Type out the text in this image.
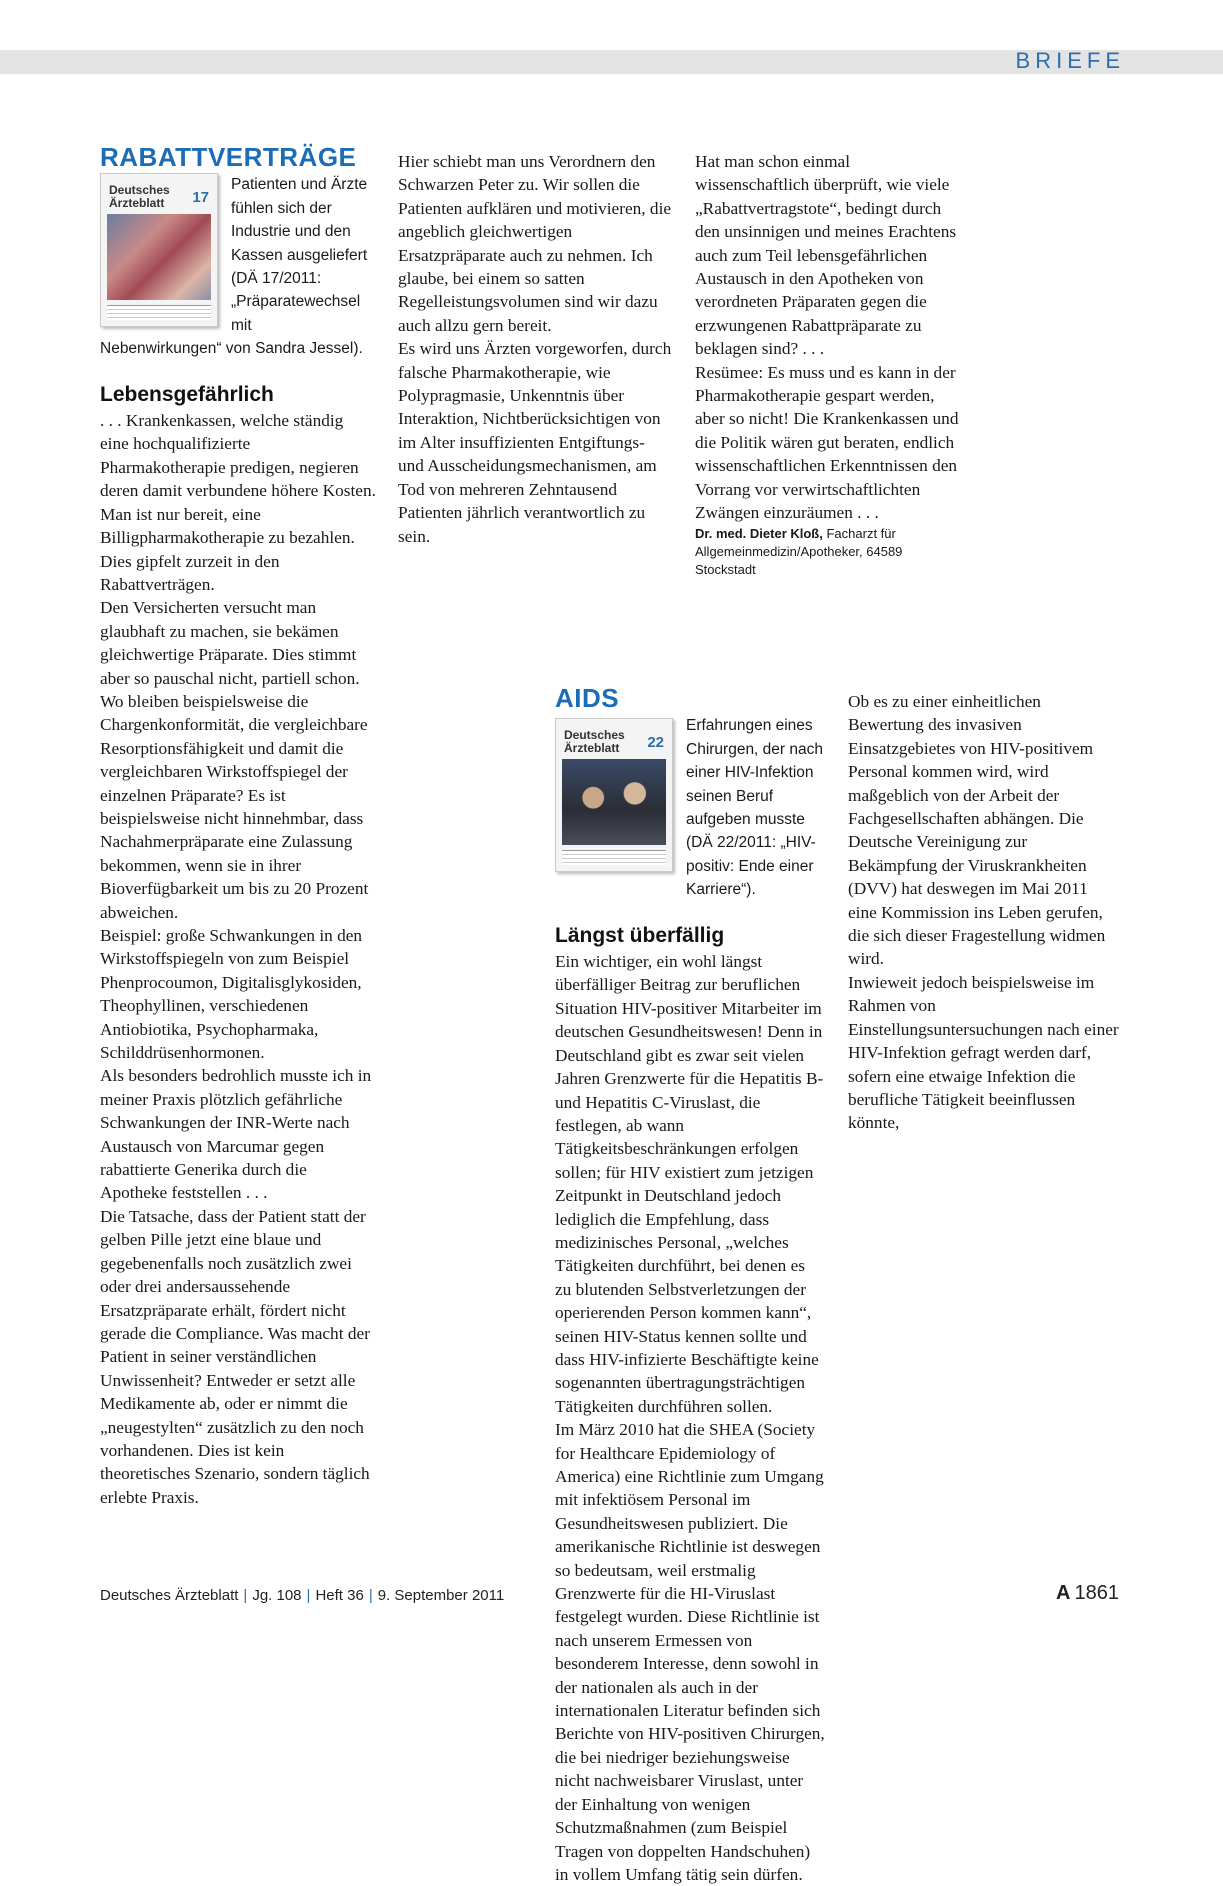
BRIEFE
RABATTVERTRÄGE
Deutsches
Ärzteblatt	17

Patienten und Ärzte fühlen sich der Industrie und den Kassen ausgeliefert (DÄ 17/2011: „Präparatewechsel mit Nebenwirkungen“ von Sandra Jessel).

Lebensgefährlich

. . . Krankenkassen, welche ständig eine hochqualifizierte Pharmakotherapie predigen, negieren deren damit verbundene höhere Kosten. Man ist nur bereit, eine Billigpharmakotherapie zu bezahlen. Dies gipfelt zurzeit in den Rabattverträgen.

Den Versicherten versucht man glaubhaft zu machen, sie bekämen gleichwertige Präparate. Dies stimmt aber so pauschal nicht, partiell schon.

Wo bleiben beispielsweise die Chargenkonformität, die vergleichbare Resorptionsfähigkeit und damit die vergleichbaren Wirkstoffspiegel der einzelnen Präparate? Es ist beispielsweise nicht hinnehmbar, dass Nachahmerpräparate eine Zulassung bekommen, wenn sie in ihrer Bioverfügbarkeit um bis zu 20 Prozent abweichen.

Beispiel: große Schwankungen in den Wirkstoffspiegeln von zum Beispiel Phenprocoumon, Digitalisglykosiden, Theophyllinen, verschiedenen Antiobiotika, Psychopharmaka, Schilddrüsenhormonen.

Als besonders bedrohlich musste ich in meiner Praxis plötzlich gefährliche Schwankungen der INR-Werte nach Austausch von Marcumar gegen rabattierte Generika durch die Apotheke feststellen . . .

Die Tatsache, dass der Patient statt der gelben Pille jetzt eine blaue und gegebenenfalls noch zusätzlich zwei oder drei andersaussehende Ersatzpräparate erhält, fördert nicht gerade die Compliance. Was macht der Patient in seiner verständlichen Unwissenheit? Entweder er setzt alle Medikamente ab, oder er nimmt die „neugestylten“ zusätzlich zu den noch vorhandenen. Dies ist kein theoretisches Szenario, sondern täglich erlebte Praxis.

Hier schiebt man uns Verordnern den Schwarzen Peter zu. Wir sollen die Patienten aufklären und motivieren, die angeblich gleichwertigen Ersatzpräparate auch zu nehmen. Ich glaube, bei einem so satten Regelleistungsvolumen sind wir dazu auch allzu gern bereit.

Es wird uns Ärzten vorgeworfen, durch falsche Pharmakotherapie, wie Polypragmasie, Unkenntnis über Interaktion, Nichtberücksichtigen von im Alter insuffizienten Entgiftungs- und Ausscheidungsmechanismen, am Tod von mehreren Zehntausend Patienten jährlich verantwortlich zu sein.

Hat man schon einmal wissenschaftlich überprüft, wie viele „Rabattvertragstote“, bedingt durch den unsinnigen und meines Erachtens auch zum Teil lebensgefährlichen Austausch in den Apotheken von verordneten Präparaten gegen die erzwungenen Rabattpräparate zu beklagen sind? . . .

Resümee: Es muss und es kann in der Pharmakotherapie gespart werden, aber so nicht! Die Krankenkassen und die Politik wären gut beraten, endlich wissenschaftlichen Erkenntnissen den Vorrang vor verwirtschaftlichten Zwängen einzuräumen . . .

Dr. med. Dieter Kloß, Facharzt für Allgemeinmedizin/Apotheker, 64589 Stockstadt

AIDS
Deutsches
Ärzteblatt	22

Erfahrungen eines Chirurgen, der nach einer HIV-Infektion seinen Beruf aufgeben musste (DÄ 22/2011: „HIV-positiv: Ende einer Karriere“).

Längst überfällig

Ein wichtiger, ein wohl längst überfälliger Beitrag zur beruflichen Situation HIV-positiver Mitarbeiter im deutschen Gesundheitswesen! Denn in Deutschland gibt es zwar seit vielen Jahren Grenzwerte für die Hepatitis B- und Hepatitis C-Viruslast, die festlegen, ab wann Tätigkeitsbeschränkungen erfolgen sollen; für HIV existiert zum jetzigen Zeitpunkt in Deutschland jedoch lediglich die Empfehlung, dass medizinisches Personal, „welches Tätigkeiten durchführt, bei denen es zu blutenden Selbstverletzungen der operierenden Person kommen kann“, seinen HIV-Status kennen sollte und dass HIV-infizierte Beschäftigte keine sogenannten übertragungsträchtigen Tätigkeiten durchführen sollen.

Im März 2010 hat die SHEA (Society for Healthcare Epidemiology of America) eine Richtlinie zum Umgang mit infektiösem Personal im Gesundheitswesen publiziert. Die amerikanische Richtlinie ist deswegen so bedeutsam, weil erstmalig Grenzwerte für die HI-Viruslast festgelegt wurden. Diese Richtlinie ist nach unserem Ermessen von besonderem Interesse, denn sowohl in der nationalen als auch in der internationalen Literatur befinden sich Berichte von HIV-positiven Chirurgen, die bei niedriger beziehungsweise nicht nachweisbarer Viruslast, unter der Einhaltung von wenigen Schutzmaßnahmen (zum Beispiel Tragen von doppelten Handschuhen) in vollem Umfang tätig sein dürfen.

Ob es zu einer einheitlichen Bewertung des invasiven Einsatzgebietes von HIV-positivem Personal kommen wird, wird maßgeblich von der Arbeit der Fachgesellschaften abhängen. Die Deutsche Vereinigung zur Bekämpfung der Viruskrankheiten (DVV) hat deswegen im Mai 2011 eine Kommission ins Leben gerufen, die sich dieser Fragestellung widmen wird.

Inwieweit jedoch beispielsweise im Rahmen von Einstellungsuntersuchungen nach einer HIV-Infektion gefragt werden darf, sofern eine etwaige Infektion die berufliche Tätigkeit beeinflussen könnte,

Deutsches Ärzteblatt | Jg. 108 | Heft 36 | 9. September 2011	A 1861
